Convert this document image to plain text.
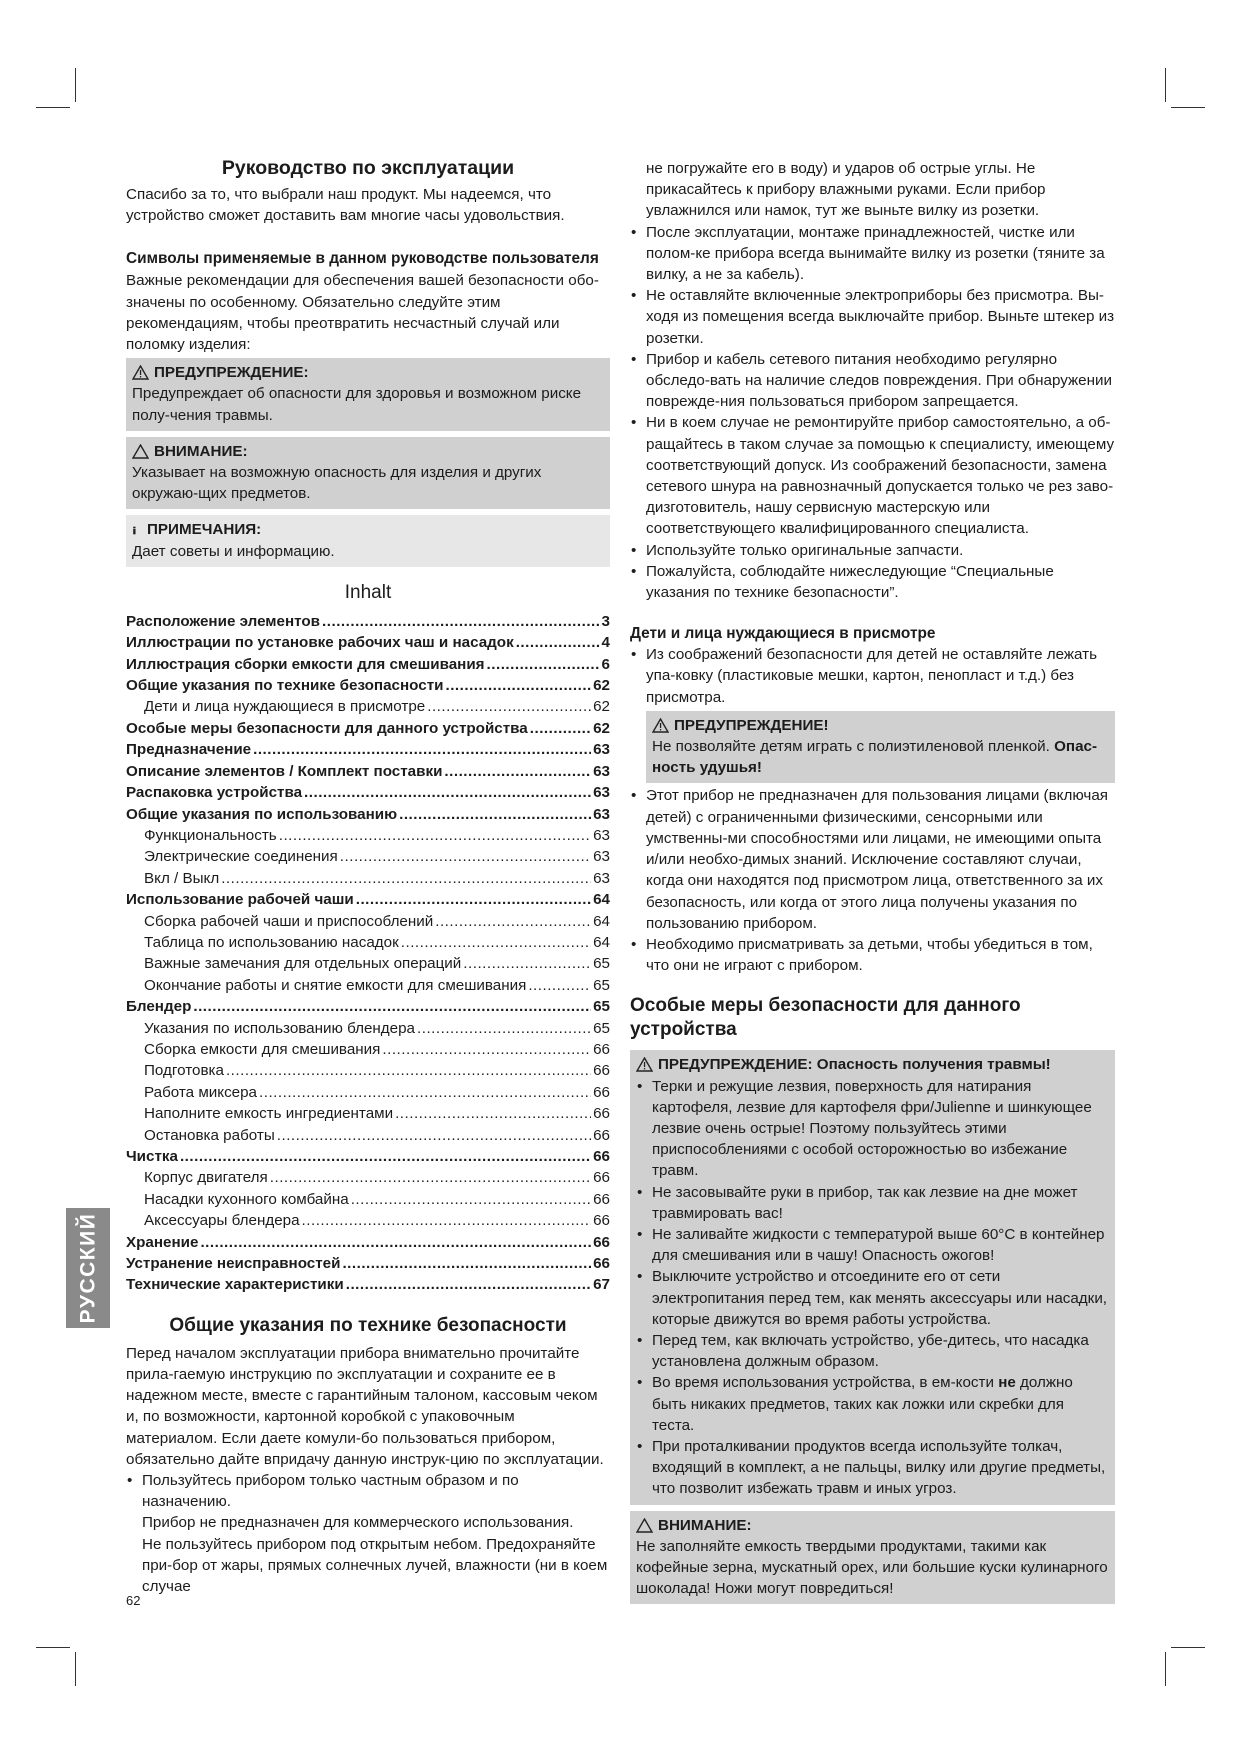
Руководство по эксплуатации

Спасибо за то, что выбрали наш продукт. Мы надеемся, что устройство сможет доставить вам многие часы удовольствия.

Символы применяемые в данном руководстве пользователя

Важные рекомендации для обеспечения вашей безопасности обо-значены по особенному. Обязательно следуйте этим рекомендациям, чтобы преотвратить несчастный случай или поломку изделия:

ПРЕДУПРЕЖДЕНИЕ:

Предупреждает об опасности для здоровья и возможном риске полу-чения травмы.

ВНИМАНИЕ:

Указывает на возможную опасность для изделия и других окружаю-щих предметов.

ПРИМЕЧАНИЯ:

Дает советы и информацию.

Inhalt
Расположение элементов .....	3
Иллюстрации по установке рабочих чаш и насадок .....	4
Иллюстрация сборки емкости для смешивания .....	6
Общие указания по технике безопасности .....	62
Дети и лица нуждающиеся в присмотре .....	62
Особые меры безопасности для данного устройства .....	62
Предназначение .....	63
Описание элементов / Комплект поставки .....	63
Распаковка устройства .....	63
Общие указания по использованию .....	63
Функциональность .....	63
Электрические соединения .....	63
Вкл / Выкл .....	63
Использование рабочей чаши .....	64
Сборка рабочей чаши и приспособлений .....	64
Таблица по использованию насадок .....	64
Важные замечания для отдельных операций .....	65
Окончание работы и снятие емкости для смешивания .....	65
Блендер .....	65
Указания по использованию блендера .....	65
Сборка емкости для смешивания .....	66
Подготовка .....	66
Работа миксера .....	66
Наполните емкость ингредиентами .....	66
Остановка работы .....	66
Чистка .....	66
Корпус двигателя .....	66
Насадки кухонного комбайна .....	66
Аксессуары блендера .....	66
Хранение .....	66
Устранение неисправностей .....	66
Технические характеристики .....	67
Общие указания по технике безопасности

Перед началом эксплуатации прибора внимательно прочитайте прила-гаемую инструкцию по эксплуатации и сохраните ее в надежном месте, вместе с гарантийным талоном, кассовым чеком и, по возможности, картонной коробкой с упаковочным материалом. Если даете комули-бо пользоваться прибором, обязательно дайте впридачу данную инструк-цию по эксплуатации.

• Пользуйтесь прибором только частным образом и по назначению.
Прибор не предназначен для коммерческого использования.
Не пользуйтесь прибором под открытым небом. Предохраняйте при-бор от жары, прямых солнечных лучей, влажности (ни в коем случае

не погружайте его в воду) и ударов об острые углы. Не прикасайтесь к прибору влажными руками. Если прибор увлажнился или намок, тут же выньте вилку из розетки.

• После эксплуатации, монтаже принадлежностей, чистке или полом-ке прибора всегда вынимайте вилку из розетки (тяните за вилку, а не за кабель).
• Не оставляйте включенные электроприборы без присмотра. Вы-ходя из помещения всегда выключайте прибор. Выньте штекер из розетки.
• Прибор и кабель сетевого питания необходимо регулярно обследо-вать на наличие следов повреждения. При обнаружении поврежде-ния пользоваться прибором запрещается.
• Ни в коем случае не ремонтируйте прибор самостоятельно, а об-ращайтесь в таком случае за помощью к специалисту, имеющему соответствующий допуск. Из соображений безопасности, замена сетевого шнура на равнозначный допускается только че рез заво-дизготовитель, нашу сервисную мастерскую или соответствующего квалифицированного специалиста.
• Используйте только оригинальные запчасти.
• Пожалуйста, соблюдайте нижеследующие “Специальные указания по технике безопасности”.
Дети и лица нуждающиеся в присмотре
• Из соображений безопасности для детей не оставляйте лежать упа-ковку (пластиковые мешки, картон, пенопласт и т.д.) без присмотра.
ПРЕДУПРЕЖДЕНИЕ!

Не позволяйте детям играть с полиэтиленовой пленкой. Опас-ность удушья!

• Этот прибор не предназначен для пользования лицами (включая детей) с ограниченными физическими, сенсорными или умственны-ми способностями или лицами, не имеющими опыта и/или необхо-димых знаний. Исключение составляют случаи, когда они находятся под присмотром лица, ответственного за их безопасность, или когда от этого лица получены указания по пользованию прибором.
• Необходимо присматривать за детьми, чтобы убедиться в том, что они не играют с прибором.
Особые меры безопасности для данного устройства
ПРЕДУПРЕЖДЕНИЕ: Опасность получения травмы!
• Терки и режущие лезвия, поверхность для натирания картофеля, лезвие для картофеля фри/Julienne и шинкующее лезвие очень острые! Поэтому пользуйтесь этими приспособлениями с особой осторожностью во избежание травм.
• Не засовывайте руки в прибор, так как лезвие на дне может травмировать вас!
• Не заливайте жидкости с температурой выше 60°C в контейнер для смешивания или в чашу! Опасность ожогов!
• Выключите устройство и отсоедините его от сети электропитания перед тем, как менять аксессуары или насадки, которые движутся во время работы устройства.
• Перед тем, как включать устройство, убе-дитесь, что насадка установлена должным образом.
• Во время использования устройства, в ем-кости не должно быть никаких предметов, таких как ложки или скребки для теста.
• При проталкивании продуктов всегда используйте толкач, входящий в комплект, а не пальцы, вилку или другие предметы, что позволит избежать травм и иных угроз.
ВНИМАНИЕ:

Не заполняйте емкость твердыми продуктами, такими как кофейные зерна, мускатный орех, или большие куски кулинарного шоколада! Ножи могут повредиться!

РУССКИЙ
62
